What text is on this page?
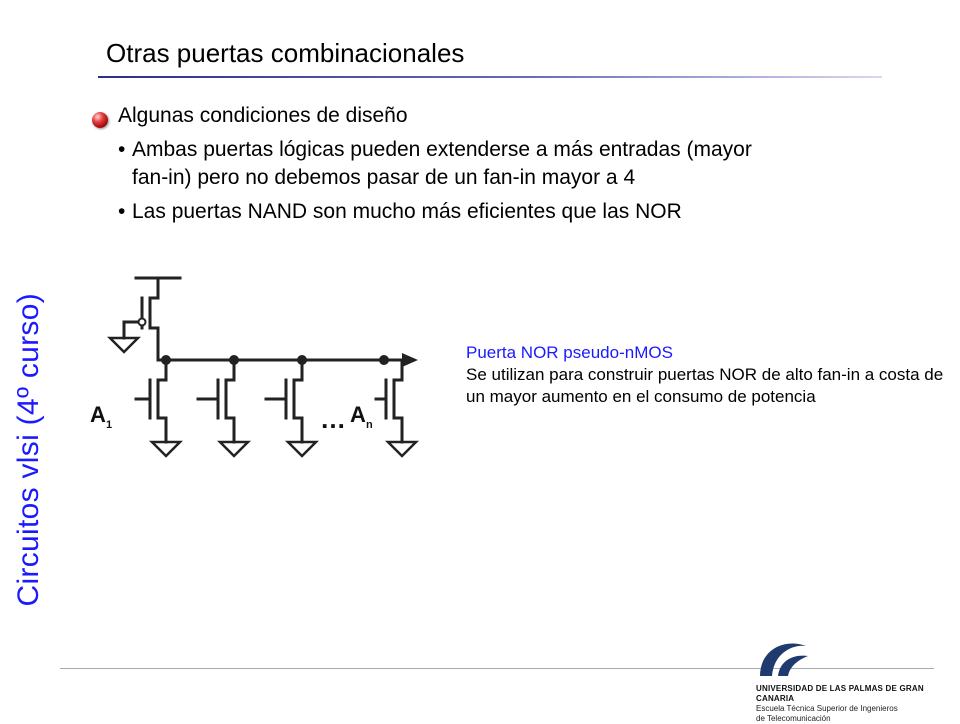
Circuitos vlsi (4º curso)
Otras puertas combinacionales
Algunas condiciones de diseño
• Ambas puertas lógicas pueden extenderse a más entradas (mayor
fan-in) pero no debemos pasar de un fan-in mayor a 4
• Las puertas NAND son mucho más eficientes que las NOR
A 1	… A n
Puerta NOR pseudo-nMOS
Se utilizan para construir puertas NOR de alto fan-in a costa de un mayor aumento en el consumo de potencia
UNIVERSIDAD DE LAS PALMAS DE GRAN CANARIA
Escuela Técnica Superior de Ingenieros
de Telecomunicación
